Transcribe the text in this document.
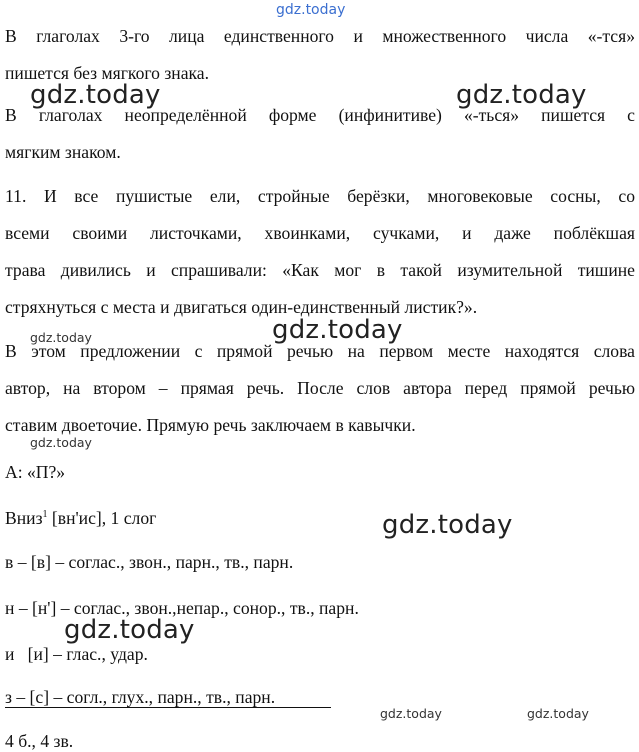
gdz.today
gdz.today	gdz.today
gdz.today	gdz.today
gdz.today
gdz.today
gdz.today
gdz.today	gdz.today
В глаголах 3-го лица единственного и множественного числа «-тся»
пишется без мягкого знака.
В глаголах неопределённой форме (инфинитиве) «-ться» пишется с
мягким знаком.
11. И все пушистые ели, стройные берёзки, многовековые сосны, со
всеми своими листочками, хвоинками, сучками, и даже поблёкшая
трава дивились и спрашивали: «Как мог в такой изумительной тишине
стряхнуться с места и двигаться один-единственный листик?».
В этом предложении с прямой речью на первом месте находятся слова
автор, на втором – прямая речь. После слов автора перед прямой речью
ставим двоеточие. Прямую речь заключаем в кавычки.
А: «П?»
Вниз$^1$ [вн'ис], 1 слог
в – [в] – соглас., звон., парн., тв., парн.
н – [н'] – соглас., звон.,непар., сонор., тв., парн.
и   [и] – глас., удар.
з – [с] – согл., глух., парн., тв., парн.
4 б., 4 зв.
